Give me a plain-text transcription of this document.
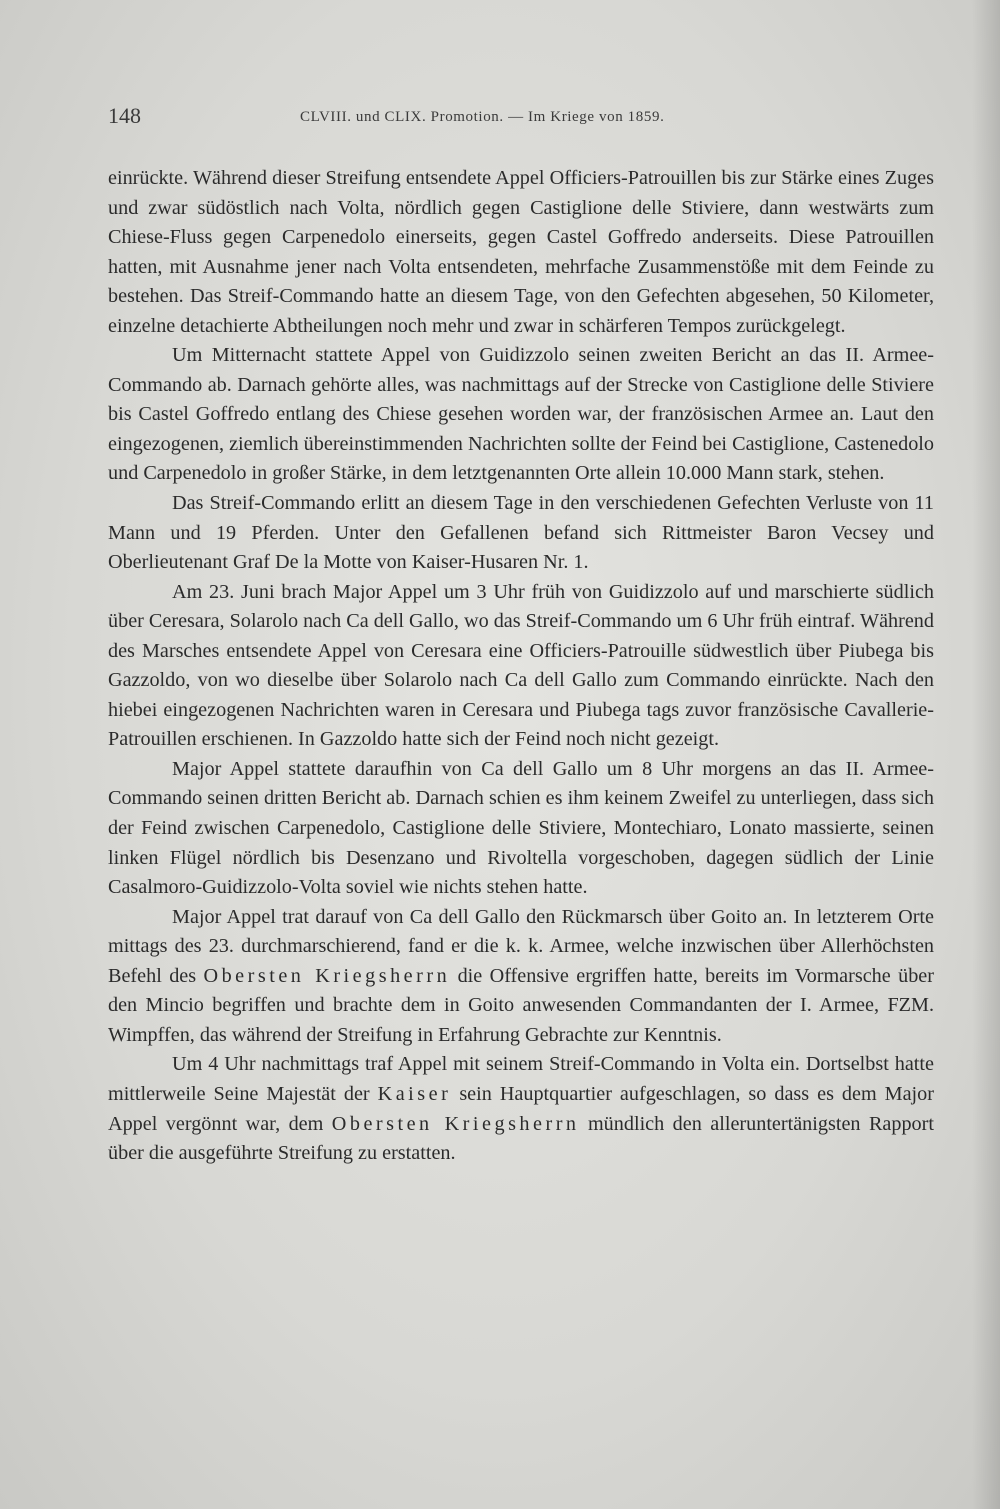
148	CLVIII. und CLIX. Promotion. — Im Kriege von 1859.

einrückte. Während dieser Streifung entsendete Appel Officiers-Patrouillen bis zur Stärke eines Zuges und zwar südöstlich nach Volta, nördlich gegen Castiglione delle Stiviere, dann westwärts zum Chiese-Fluss gegen Carpenedolo einerseits, gegen Castel Goffredo anderseits. Diese Patrouillen hatten, mit Ausnahme jener nach Volta entsendeten, mehrfache Zusammenstöße mit dem Feinde zu bestehen. Das Streif-Commando hatte an diesem Tage, von den Gefechten abgesehen, 50 Kilometer, einzelne detachierte Abtheilungen noch mehr und zwar in schärferen Tempos zurückgelegt.

Um Mitternacht stattete Appel von Guidizzolo seinen zweiten Bericht an das II. Armee-Commando ab. Darnach gehörte alles, was nachmittags auf der Strecke von Castiglione delle Stiviere bis Castel Goffredo entlang des Chiese gesehen worden war, der französischen Armee an. Laut den eingezogenen, ziemlich übereinstimmenden Nachrichten sollte der Feind bei Castiglione, Castenedolo und Carpenedolo in großer Stärke, in dem letztgenannten Orte allein 10.000 Mann stark, stehen.

Das Streif-Commando erlitt an diesem Tage in den verschiedenen Gefechten Verluste von 11 Mann und 19 Pferden. Unter den Gefallenen befand sich Rittmeister Baron Vecsey und Oberlieutenant Graf De la Motte von Kaiser-Husaren Nr. 1.

Am 23. Juni brach Major Appel um 3 Uhr früh von Guidizzolo auf und marschierte südlich über Ceresara, Solarolo nach Ca dell Gallo, wo das Streif-Commando um 6 Uhr früh eintraf. Während des Marsches entsendete Appel von Ceresara eine Officiers-Patrouille südwestlich über Piubega bis Gazzoldo, von wo dieselbe über Solarolo nach Ca dell Gallo zum Commando einrückte. Nach den hiebei eingezogenen Nachrichten waren in Ceresara und Piubega tags zuvor französische Cavallerie-Patrouillen erschienen. In Gazzoldo hatte sich der Feind noch nicht gezeigt.

Major Appel stattete daraufhin von Ca dell Gallo um 8 Uhr morgens an das II. Armee-Commando seinen dritten Bericht ab. Darnach schien es ihm keinem Zweifel zu unterliegen, dass sich der Feind zwischen Carpenedolo, Castiglione delle Stiviere, Montechiaro, Lonato massierte, seinen linken Flügel nördlich bis Desenzano und Rivoltella vorgeschoben, dagegen südlich der Linie Casalmoro-Guidizzolo-Volta soviel wie nichts stehen hatte.

Major Appel trat darauf von Ca dell Gallo den Rückmarsch über Goito an. In letzterem Orte mittags des 23. durchmarschierend, fand er die k. k. Armee, welche inzwischen über Allerhöchsten Befehl des Obersten Kriegsherrn die Offensive ergriffen hatte, bereits im Vormarsche über den Mincio begriffen und brachte dem in Goito anwesenden Commandanten der I. Armee, FZM. Wimpffen, das während der Streifung in Erfahrung Gebrachte zur Kenntnis.

Um 4 Uhr nachmittags traf Appel mit seinem Streif-Commando in Volta ein. Dortselbst hatte mittlerweile Seine Majestät der Kaiser sein Hauptquartier aufgeschlagen, so dass es dem Major Appel vergönnt war, dem Obersten Kriegsherrn mündlich den alleruntertänigsten Rapport über die ausgeführte Streifung zu erstatten.
